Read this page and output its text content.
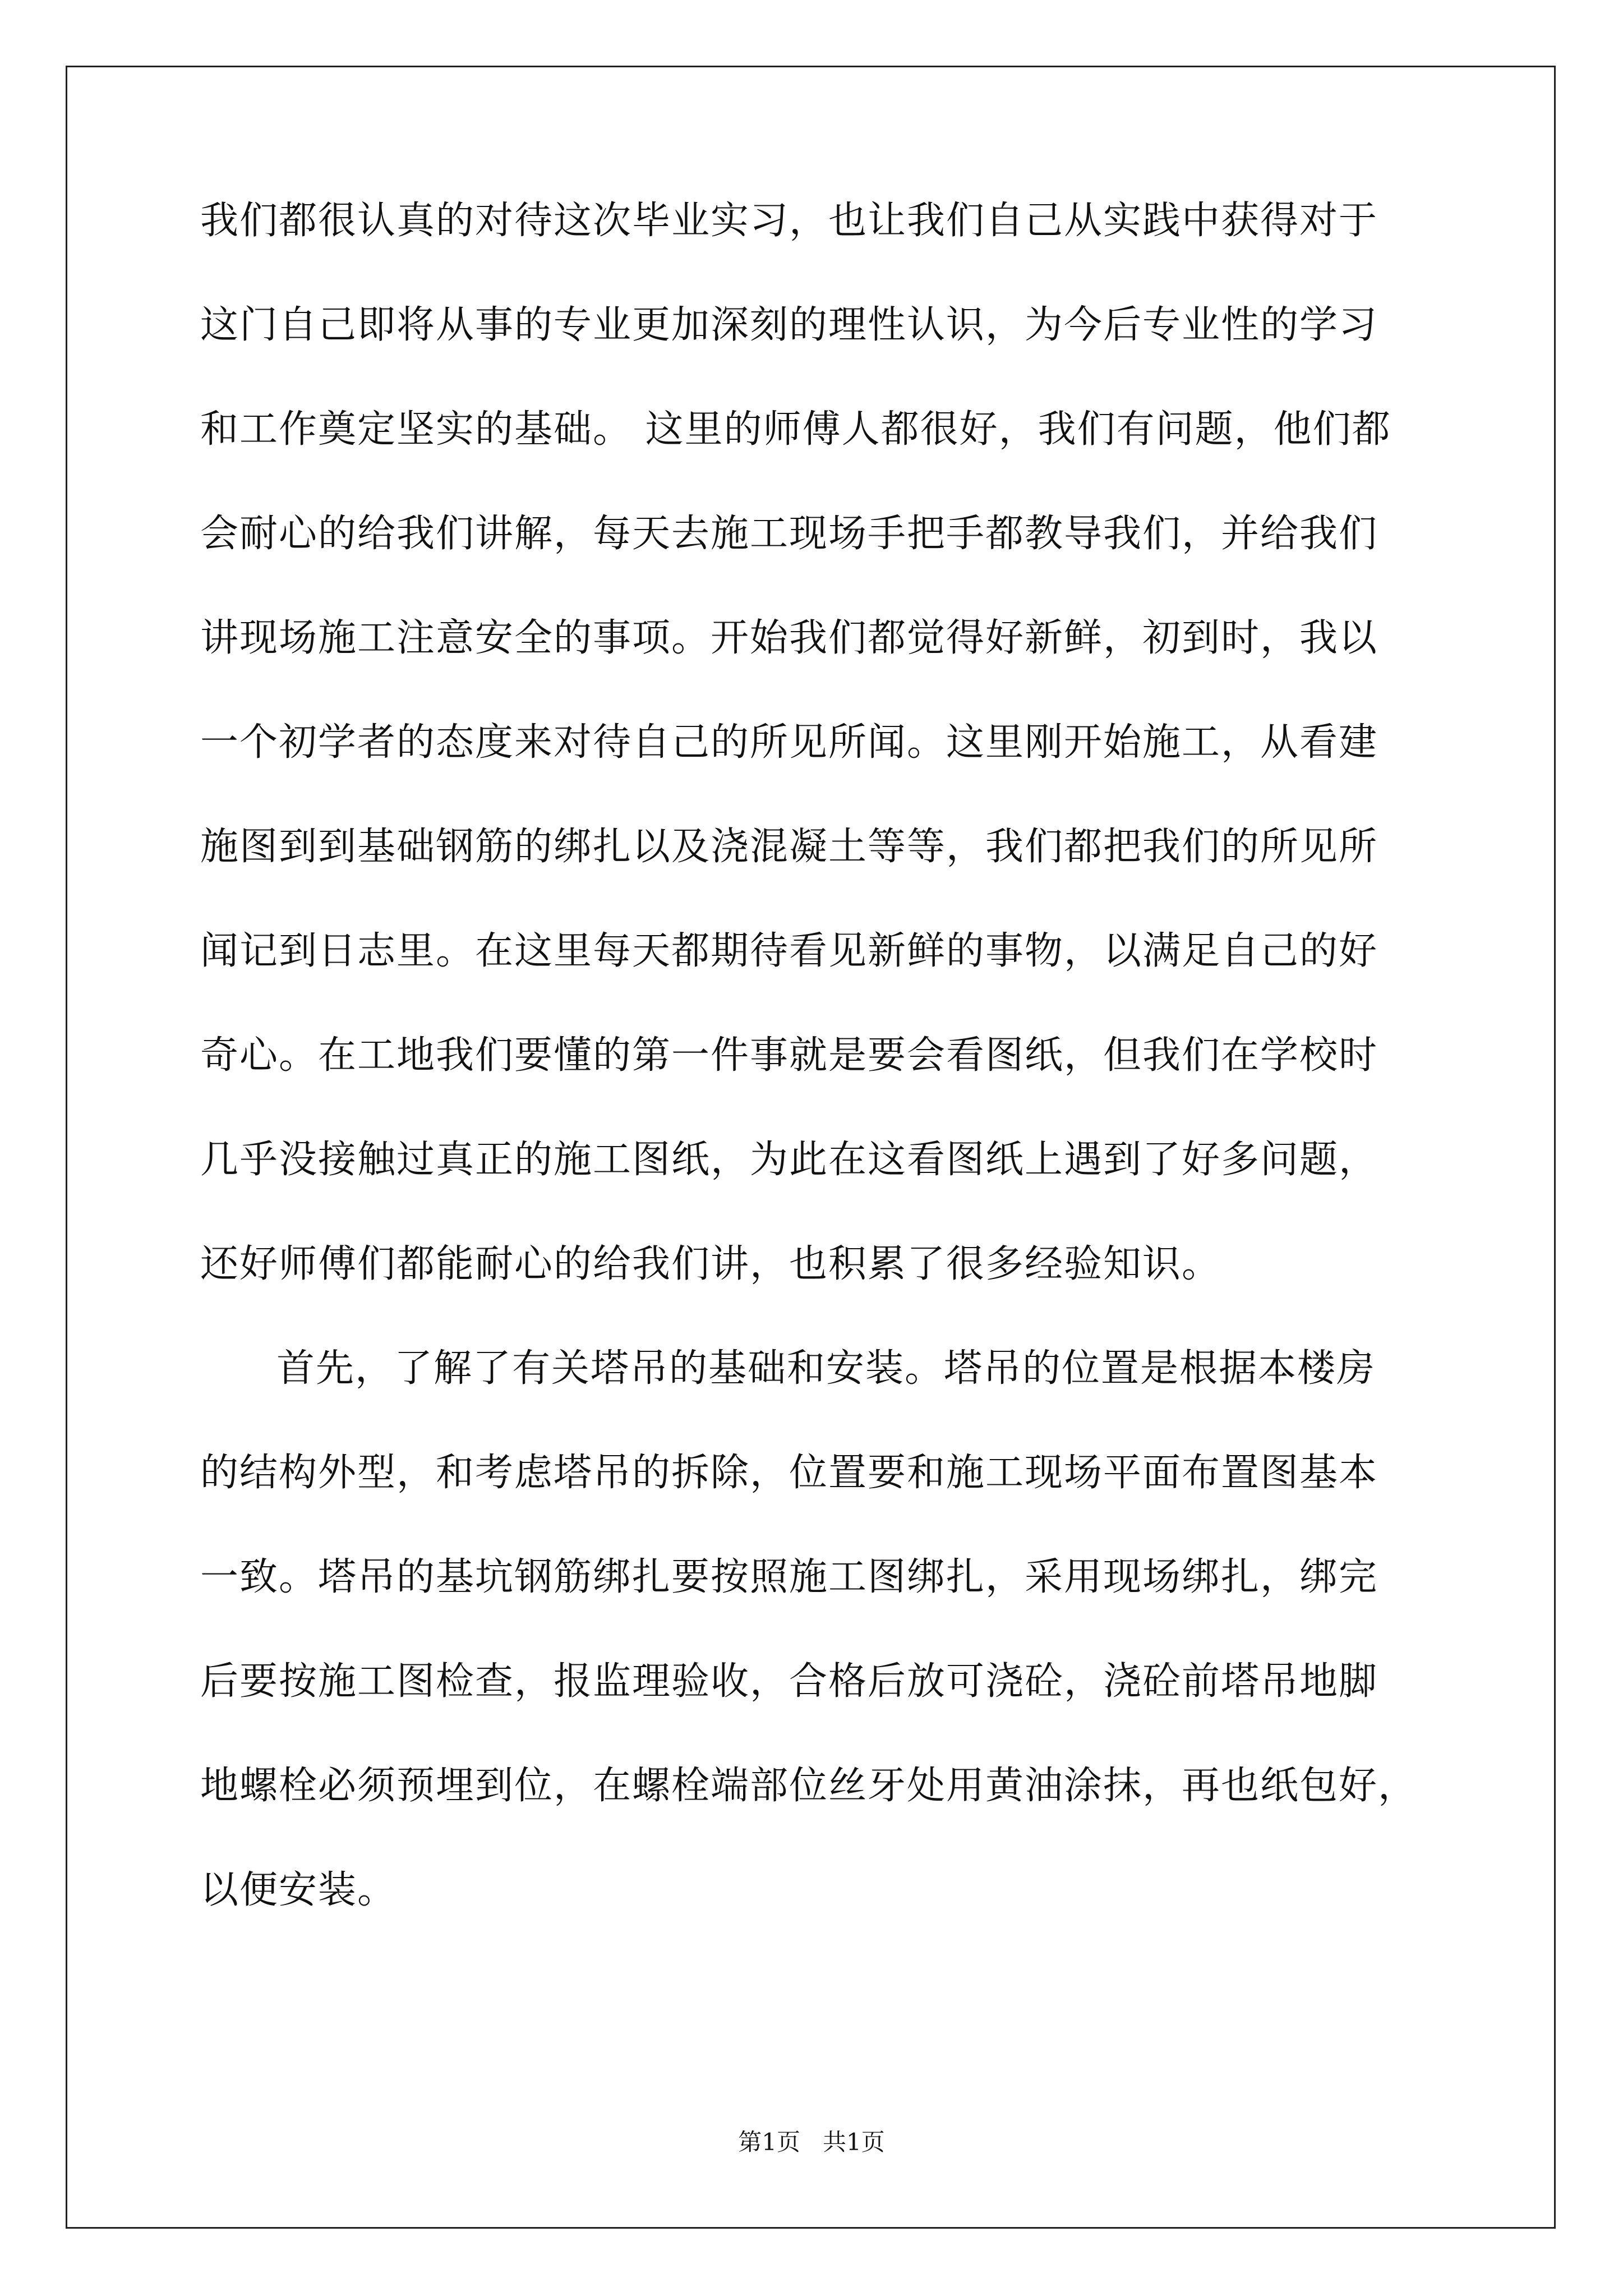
我们都很认真的对待这次毕业实习，也让我们自己从实践中获得对于
这门自己即将从事的专业更加深刻的理性认识，为今后专业性的学习
和工作奠定坚实的基础。 这里的师傅人都很好，我们有问题，他们都
会耐心的给我们讲解，每天去施工现场手把手都教导我们，并给我们
讲现场施工注意安全的事项。开始我们都觉得好新鲜，初到时，我以
一个初学者的态度来对待自己的所见所闻。这里刚开始施工，从看建
施图到到基础钢筋的绑扎以及浇混凝土等等，我们都把我们的所见所
闻记到日志里。在这里每天都期待看见新鲜的事物，以满足自己的好
奇心。在工地我们要懂的第一件事就是要会看图纸，但我们在学校时
几乎没接触过真正的施工图纸，为此在这看图纸上遇到了好多问题，
还好师傅们都能耐心的给我们讲，也积累了很多经验知识。
首先，了解了有关塔吊的基础和安装。塔吊的位置是根据本楼房
的结构外型，和考虑塔吊的拆除，位置要和施工现场平面布置图基本
一致。塔吊的基坑钢筋绑扎要按照施工图绑扎，采用现场绑扎，绑完
后要按施工图检查，报监理验收，合格后放可浇砼，浇砼前塔吊地脚
地螺栓必须预埋到位，在螺栓端部位丝牙处用黄油涂抹，再也纸包好，
以便安装。
第1页 共1页
